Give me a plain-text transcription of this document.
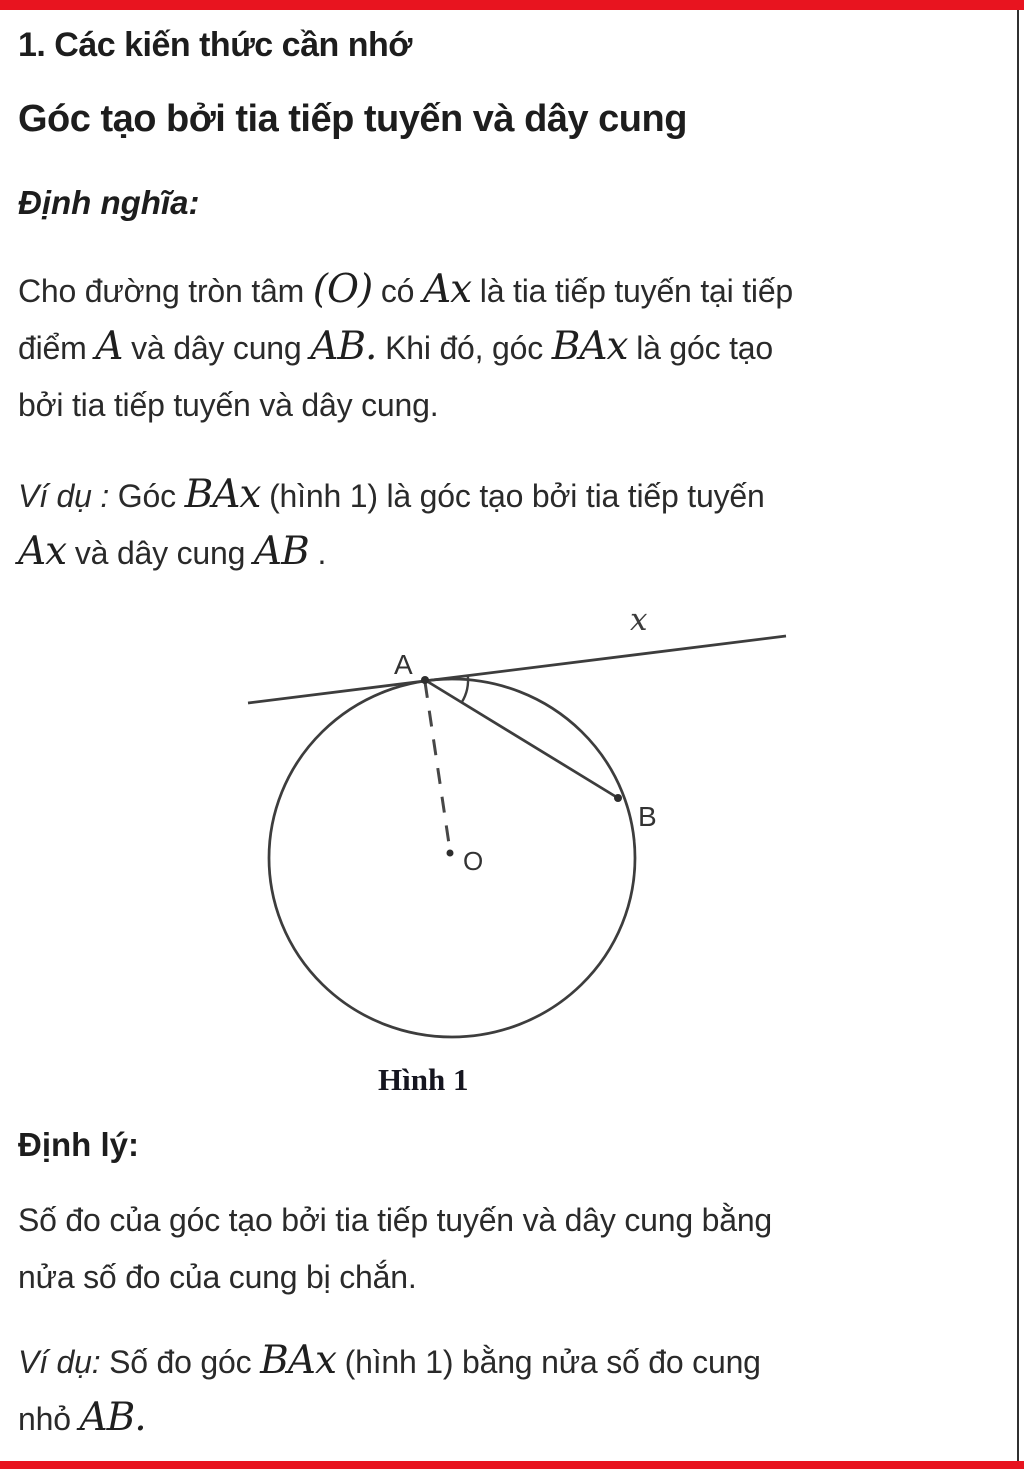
1. Các kiến thức cần nhớ
Góc tạo bởi tia tiếp tuyến và dây cung
Định nghĩa:
Cho đường tròn tâm (O) có Ax là tia tiếp tuyến tại tiếp
điểm A và dây cung AB. Khi đó, góc BAx là góc tạo
bởi tia tiếp tuyến và dây cung.
Ví dụ : Góc BAx (hình 1) là góc tạo bởi tia tiếp tuyến
Ax và dây cung AB .
x
A
B
O
Hình 1
Định lý:
Số đo của góc tạo bởi tia tiếp tuyến và dây cung bằng
nửa số đo của cung bị chắn.
Ví dụ: Số đo góc BAx (hình 1) bằng nửa số đo cung
nhỏ AB.
